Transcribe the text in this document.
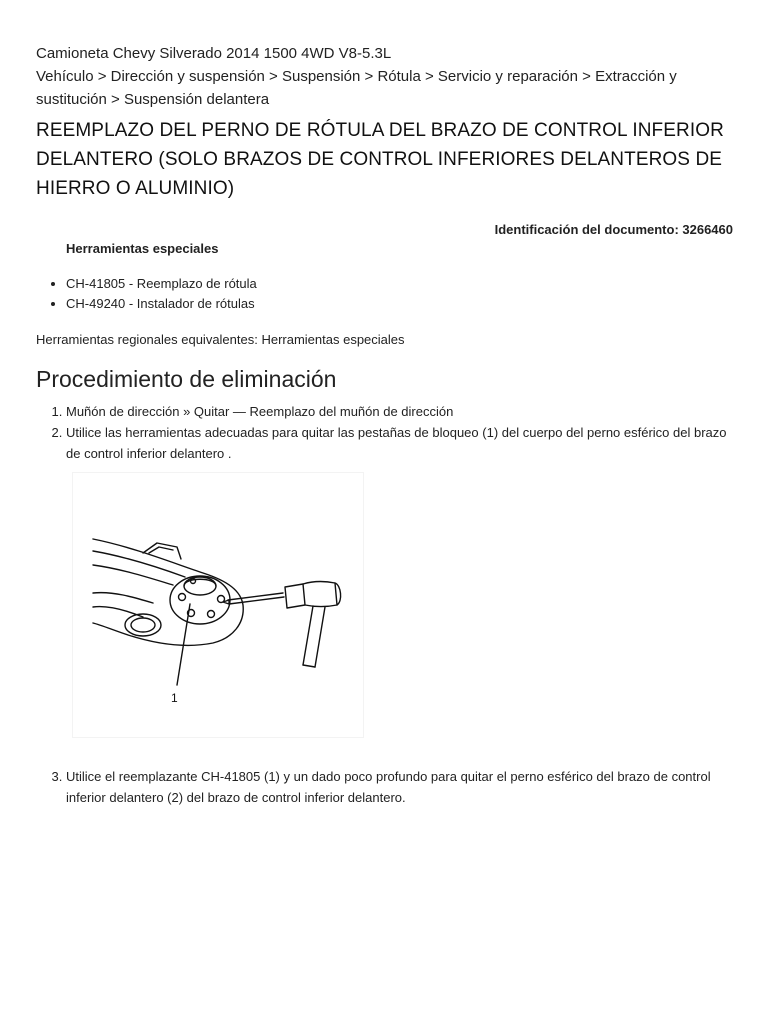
Camioneta Chevy Silverado 2014 1500 4WD V8-5.3L
Vehículo > Dirección y suspensión > Suspensión > Rótula > Servicio y reparación > Extracción y sustitución > Suspensión delantera
REEMPLAZO DEL PERNO DE RÓTULA DEL BRAZO DE CONTROL INFERIOR DELANTERO (SOLO BRAZOS DE CONTROL INFERIORES DELANTEROS DE HIERRO O ALUMINIO)
Identificación del documento: 3266460
Herramientas especiales
• CH-41805 - Reemplazo de rótula
• CH-49240 - Instalador de rótulas
Herramientas regionales equivalentes: Herramientas especiales
Procedimiento de eliminación
1. Muñón de dirección » Quitar — Reemplazo del muñón de dirección
2. Utilice las herramientas adecuadas para quitar las pestañas de bloqueo (1) del cuerpo del perno esférico del brazo de control inferior delantero .
1
3. Utilice el reemplazante CH-41805 (1) y un dado poco profundo para quitar el perno esférico del brazo de control inferior delantero (2) del brazo de control inferior delantero.
